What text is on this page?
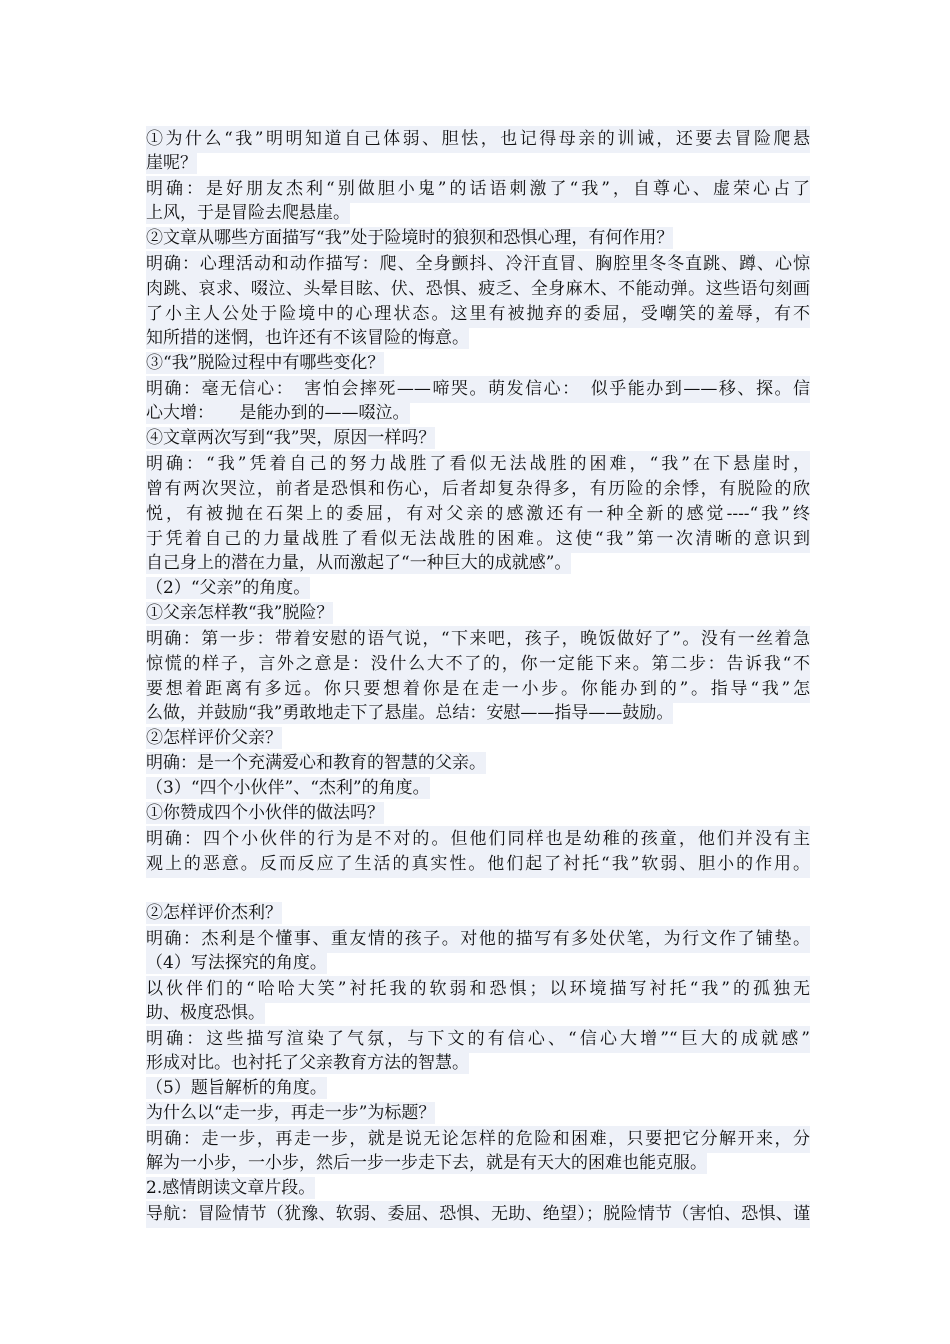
①为什么“我”明明知道自己体弱、胆怯，也记得母亲的训诫，还要去冒险爬悬
崖呢？
明确：是好朋友杰利“别做胆小鬼”的话语刺激了“我”，自尊心、虚荣心占了
上风，于是冒险去爬悬崖。
②文章从哪些方面描写“我”处于险境时的狼狈和恐惧心理，有何作用？
明确：心理活动和动作描写：爬、全身颤抖、冷汗直冒、胸腔里冬冬直跳、蹲、心惊
肉跳、哀求、啜泣、头晕目眩、伏、恐惧、疲乏、全身麻木、不能动弹。这些语句刻画
了小主人公处于险境中的心理状态。这里有被抛弃的委屈，受嘲笑的羞辱，有不
知所措的迷惘，也许还有不该冒险的悔意。
③“我”脱险过程中有哪些变化？
明确：毫无信心：　害怕会摔死——啼哭。萌发信心：　似乎能办到——移、探。信
心大增：　　是能办到的——啜泣。
④文章两次写到“我”哭，原因一样吗？
明确：“我”凭着自己的努力战胜了看似无法战胜的困难，“我”在下悬崖时，
曾有两次哭泣，前者是恐惧和伤心，后者却复杂得多，有历险的余悸，有脱险的欣
悦，有被抛在石架上的委屈，有对父亲的感激还有一种全新的感觉----“我”终
于凭着自己的力量战胜了看似无法战胜的困难。这使“我”第一次清晰的意识到
自己身上的潜在力量，从而激起了“一种巨大的成就感”。
（2）“父亲”的角度。
①父亲怎样教“我”脱险？
明确：第一步：带着安慰的语气说，“下来吧，孩子，晚饭做好了”。没有一丝着急
惊慌的样子，言外之意是：没什么大不了的，你一定能下来。第二步：告诉我“不
要想着距离有多远。你只要想着你是在走一小步。你能办到的”。指导“我”怎
么做，并鼓励“我”勇敢地走下了悬崖。总结：安慰——指导——鼓励。
②怎样评价父亲？
明确：是一个充满爱心和教育的智慧的父亲。
（3）“四个小伙伴”、“杰利”的角度。
①你赞成四个小伙伴的做法吗？
明确：四个小伙伴的行为是不对的。但他们同样也是幼稚的孩童，他们并没有主
观上的恶意。反而反应了生活的真实性。他们起了衬托“我”软弱、胆小的作用。
②怎样评价杰利？
明确：杰利是个懂事、重友情的孩子。对他的描写有多处伏笔，为行文作了铺垫。
（4）写法探究的角度。
以伙伴们的“哈哈大笑”衬托我的软弱和恐惧；以环境描写衬托“我”的孤独无
助、极度恐惧。
明确：这些描写渲染了气氛，与下文的有信心、“信心大增”“巨大的成就感”
形成对比。也衬托了父亲教育方法的智慧。
（5）题旨解析的角度。
为什么以“走一步，再走一步”为标题？
明确：走一步，再走一步，就是说无论怎样的危险和困难，只要把它分解开来，分
解为一小步，一小步，然后一步一步走下去，就是有天大的困难也能克服。
2.感情朗读文章片段。
导航：冒险情节（犹豫、软弱、委屈、恐惧、无助、绝望）；脱险情节（害怕、恐惧、谨
